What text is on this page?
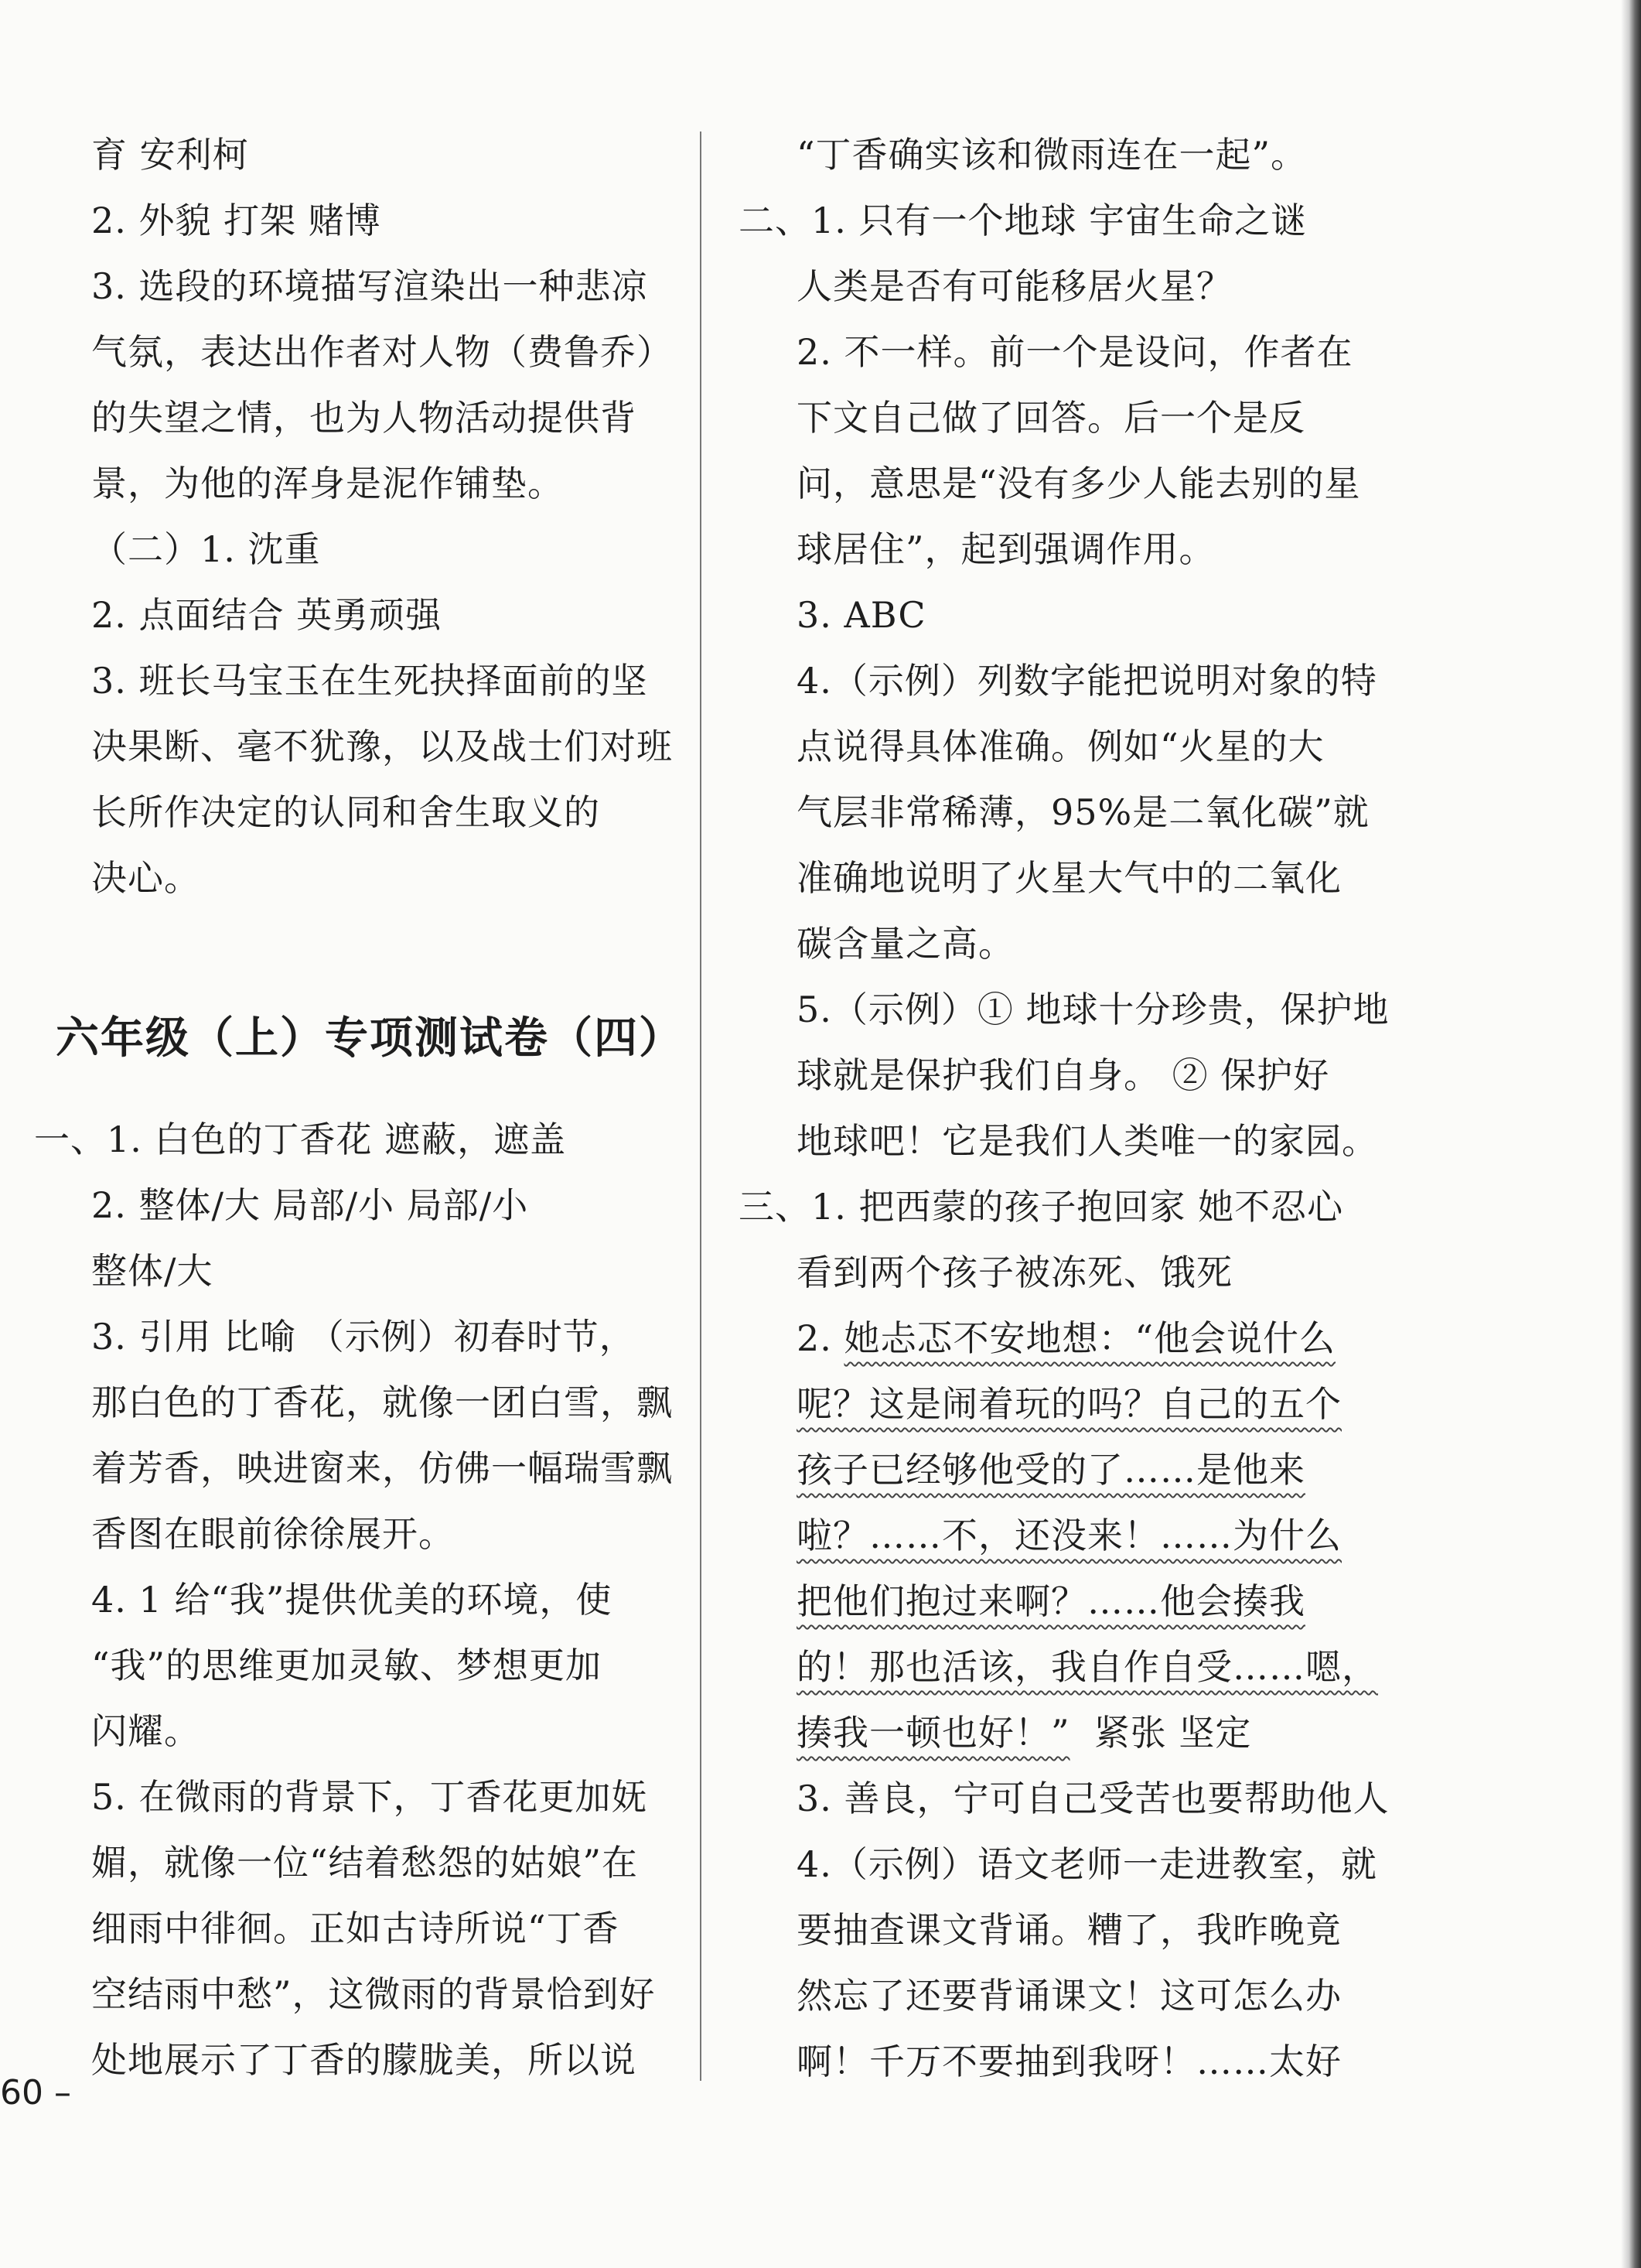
育 安利柯
2. 外貌 打架 赌博
3. 选段的环境描写渲染出一种悲凉
气氛，表达出作者对人物（费鲁乔）
的失望之情，也为人物活动提供背
景，为他的浑身是泥作铺垫。
（二）1. 沈重
2. 点面结合 英勇顽强
3. 班长马宝玉在生死抉择面前的坚
决果断、毫不犹豫，以及战士们对班
长所作决定的认同和舍生取义的
决心。
六年级（上）专项测试卷（四）
一、1. 白色的丁香花 遮蔽，遮盖
2. 整体/大 局部/小 局部/小
整体/大
3. 引用 比喻 （示例）初春时节，
那白色的丁香花，就像一团白雪，飘
着芳香，映进窗来，仿佛一幅瑞雪飘
香图在眼前徐徐展开。
4. 1 给“我”提供优美的环境，使
“我”的思维更加灵敏、梦想更加
闪耀。
5. 在微雨的背景下，丁香花更加妩
媚，就像一位“结着愁怨的姑娘”在
细雨中徘徊。正如古诗所说“丁香
空结雨中愁”，这微雨的背景恰到好
处地展示了丁香的朦胧美，所以说
“丁香确实该和微雨连在一起”。
二、1. 只有一个地球 宇宙生命之谜
人类是否有可能移居火星？
2. 不一样。前一个是设问，作者在
下文自己做了回答。后一个是反
问，意思是“没有多少人能去别的星
球居住”，起到强调作用。
3. ABC
4.（示例）列数字能把说明对象的特
点说得具体准确。例如“火星的大
气层非常稀薄，95%是二氧化碳”就
准确地说明了火星大气中的二氧化
碳含量之高。
5.（示例）① 地球十分珍贵，保护地
球就是保护我们自身。 ② 保护好
地球吧！它是我们人类唯一的家园。
三、1. 把西蒙的孩子抱回家 她不忍心
看到两个孩子被冻死、饿死
2. 她忐忑不安地想：“他会说什么
呢？这是闹着玩的吗？自己的五个
孩子已经够他受的了……是他来
啦？……不，还没来！……为什么
把他们抱过来啊？……他会揍我
的！那也活该，我自作自受……嗯，
揍我一顿也好！” 紧张 坚定
3. 善良，宁可自己受苦也要帮助他人
4.（示例）语文老师一走进教室，就
要抽查课文背诵。糟了，我昨晚竟
然忘了还要背诵课文！这可怎么办
啊！千万不要抽到我呀！……太好
60 –
